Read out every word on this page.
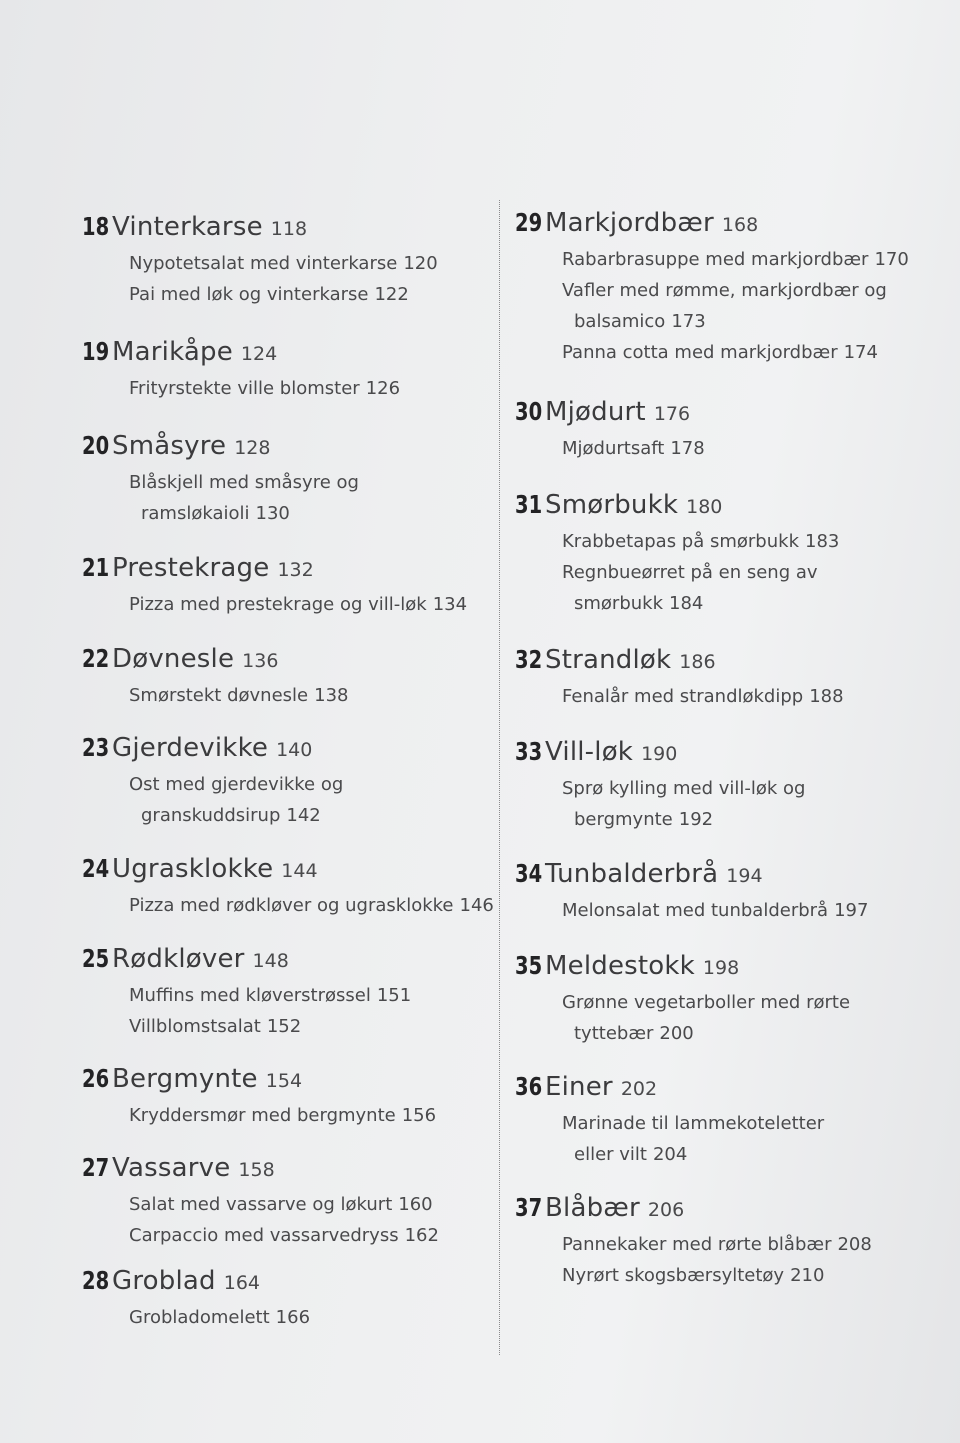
18 Vinterkarse 118
Nypotetsalat med vinterkarse 120
Pai med løk og vinterkarse 122
19 Marikåpe 124
Frityrstekte ville blomster 126
20 Småsyre 128
Blåskjell med småsyre og
ramsløkaioli 130
21 Prestekrage 132
Pizza med prestekrage og vill-løk 134
22 Døvnesle 136
Smørstekt døvnesle 138
23 Gjerdevikke 140
Ost med gjerdevikke og
granskuddsirup 142
24 Ugrasklokke 144
Pizza med rødkløver og ugrasklokke 146
25 Rødkløver 148
Muffins med kløverstrøssel 151
Villblomstsalat 152
26 Bergmynte 154
Kryddersmør med bergmynte 156
27 Vassarve 158
Salat med vassarve og løkurt 160
Carpaccio med vassarvedryss 162
28 Groblad 164
Grobladomelett 166
29 Markjordbær 168
Rabarbrasuppe med markjordbær 170
Vafler med rømme, markjordbær og
balsamico 173
Panna cotta med markjordbær 174
30 Mjødurt 176
Mjødurtsaft 178
31 Smørbukk 180
Krabbetapas på smørbukk 183
Regnbueørret på en seng av
smørbukk 184
32 Strandløk 186
Fenalår med strandløkdipp 188
33 Vill-løk 190
Sprø kylling med vill-løk og
bergmynte 192
34 Tunbalderbrå 194
Melonsalat med tunbalderbrå 197
35 Meldestokk 198
Grønne vegetarboller med rørte
tyttebær 200
36 Einer 202
Marinade til lammekoteletter
eller vilt 204
37 Blåbær 206
Pannekaker med rørte blåbær 208
Nyrørt skogsbærsyltetøy 210
